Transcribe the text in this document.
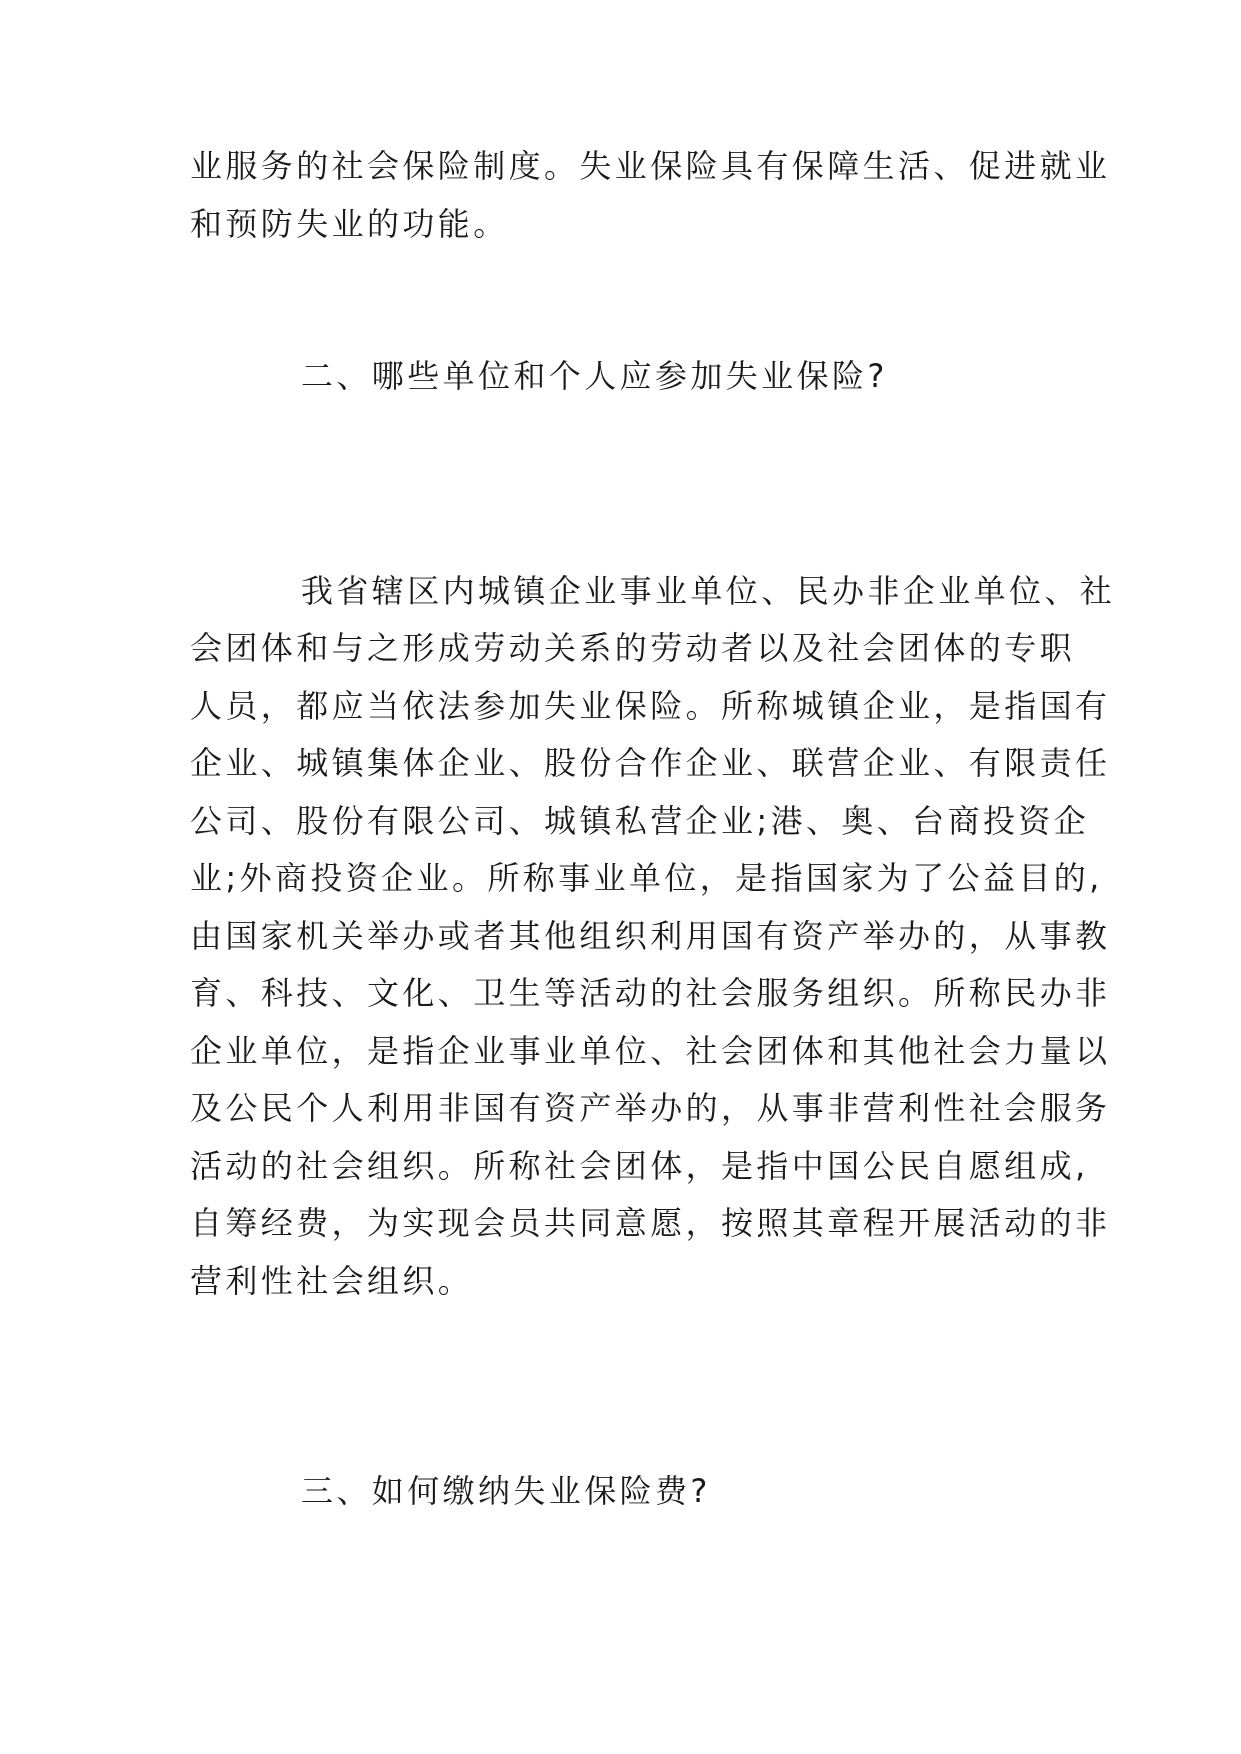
业服务的社会保险制度。失业保险具有保障生活、促进就业
和预防失业的功能。
二、哪些单位和个人应参加失业保险?
我省辖区内城镇企业事业单位、民办非企业单位、社
会团体和与之形成劳动关系的劳动者以及社会团体的专职
人员，都应当依法参加失业保险。所称城镇企业，是指国有
企业、城镇集体企业、股份合作企业、联营企业、有限责任
公司、股份有限公司、城镇私营企业;港、奥、台商投资企
业;外商投资企业。所称事业单位，是指国家为了公益目的,
由国家机关举办或者其他组织利用国有资产举办的，从事教
育、科技、文化、卫生等活动的社会服务组织。所称民办非
企业单位，是指企业事业单位、社会团体和其他社会力量以
及公民个人利用非国有资产举办的，从事非营利性社会服务
活动的社会组织。所称社会团体，是指中国公民自愿组成,
自筹经费，为实现会员共同意愿，按照其章程开展活动的非
营利性社会组织。
三、如何缴纳失业保险费?
